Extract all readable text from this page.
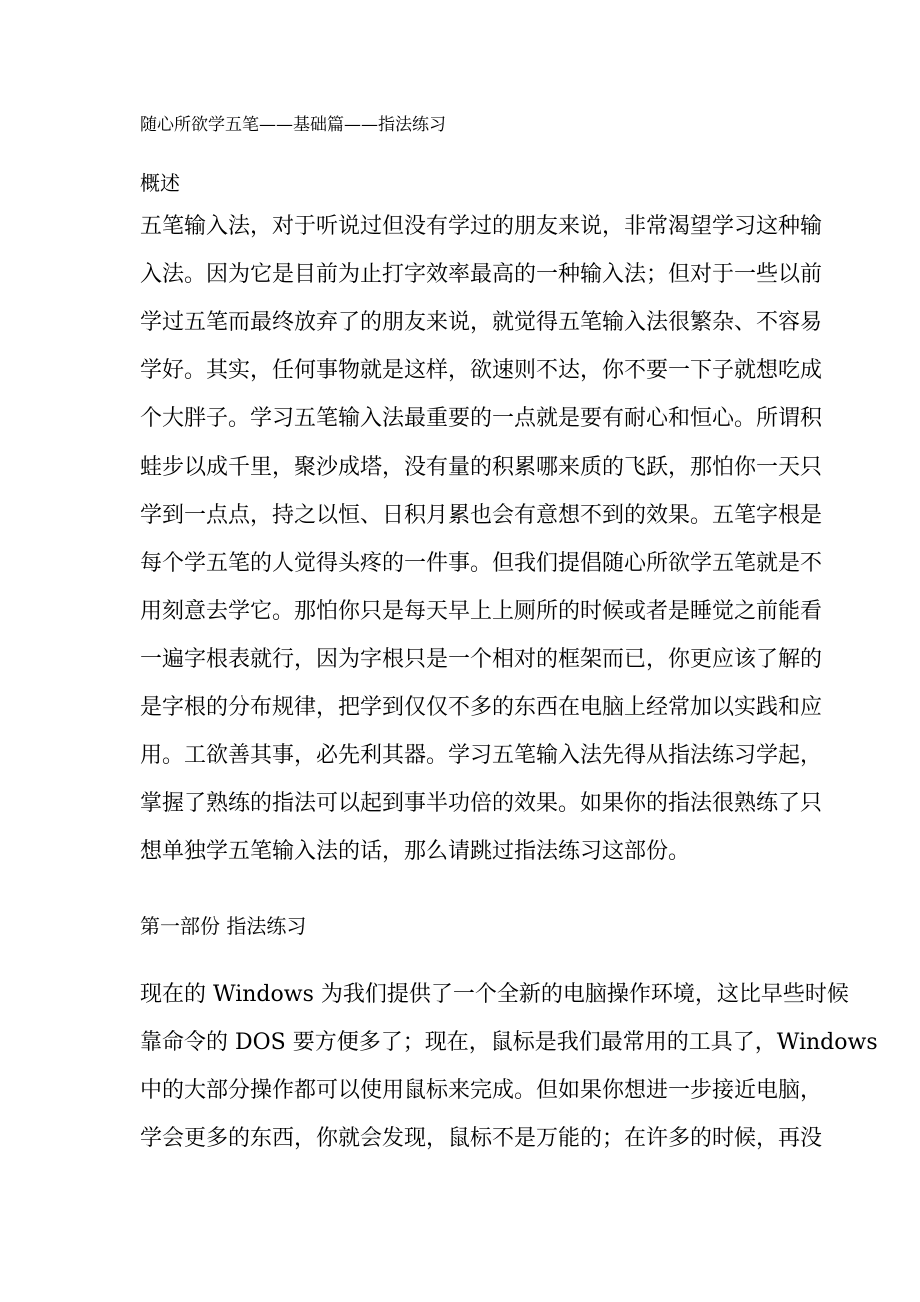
随心所欲学五笔——基础篇——指法练习
概述
五笔输入法，对于听说过但没有学过的朋友来说，非常渴望学习这种输
入法。因为它是目前为止打字效率最高的一种输入法；但对于一些以前
学过五笔而最终放弃了的朋友来说，就觉得五笔输入法很繁杂、不容易
学好。其实，任何事物就是这样，欲速则不达，你不要一下子就想吃成
个大胖子。学习五笔输入法最重要的一点就是要有耐心和恒心。所谓积
蛙步以成千里，聚沙成塔，没有量的积累哪来质的飞跃，那怕你一天只
学到一点点，持之以恒、日积月累也会有意想不到的效果。五笔字根是
每个学五笔的人觉得头疼的一件事。但我们提倡随心所欲学五笔就是不
用刻意去学它。那怕你只是每天早上上厕所的时候或者是睡觉之前能看
一遍字根表就行，因为字根只是一个相对的框架而已，你更应该了解的
是字根的分布规律，把学到仅仅不多的东西在电脑上经常加以实践和应
用。工欲善其事，必先利其器。学习五笔输入法先得从指法练习学起，
掌握了熟练的指法可以起到事半功倍的效果。如果你的指法很熟练了只
想单独学五笔输入法的话，那么请跳过指法练习这部份。
第一部份 指法练习
现在的 Windows 为我们提供了一个全新的电脑操作环境，这比早些时候
靠命令的 DOS 要方便多了；现在，鼠标是我们最常用的工具了，Windows
中的大部分操作都可以使用鼠标来完成。但如果你想进一步接近电脑，
学会更多的东西，你就会发现，鼠标不是万能的；在许多的时候，再没
